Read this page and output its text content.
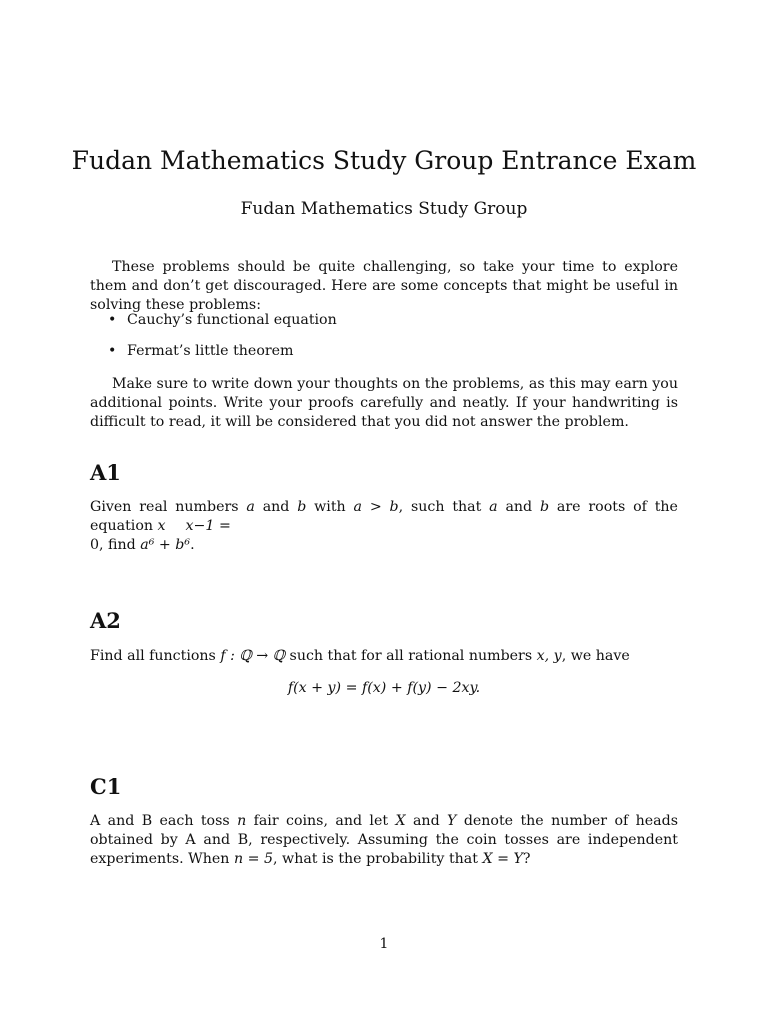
Fudan Mathematics Study Group Entrance Exam
Fudan Mathematics Study Group

These problems should be quite challenging, so take your time to explore them and don’t get discouraged. Here are some concepts that might be useful in solving these problems:

• Cauchy’s functional equation
• Fermat’s little theorem

Make sure to write down your thoughts on the problems, as this may earn you additional points. Write your proofs carefully and neatly. If your handwriting is difficult to read, it will be considered that you did not answer the problem.

A1

Given real numbers a and b with a > b, such that a and b are roots of the equation x x−1 =
0, find a⁶ + b⁶.

A2

Find all functions f : ℚ → ℚ such that for all rational numbers x, y, we have

f(x + y) = f(x) + f(y) − 2xy.
C1

A and B each toss n fair coins, and let X and Y denote the number of heads obtained by A and B, respectively. Assuming the coin tosses are independent experiments. When n = 5, what is the probability that X = Y?

1
